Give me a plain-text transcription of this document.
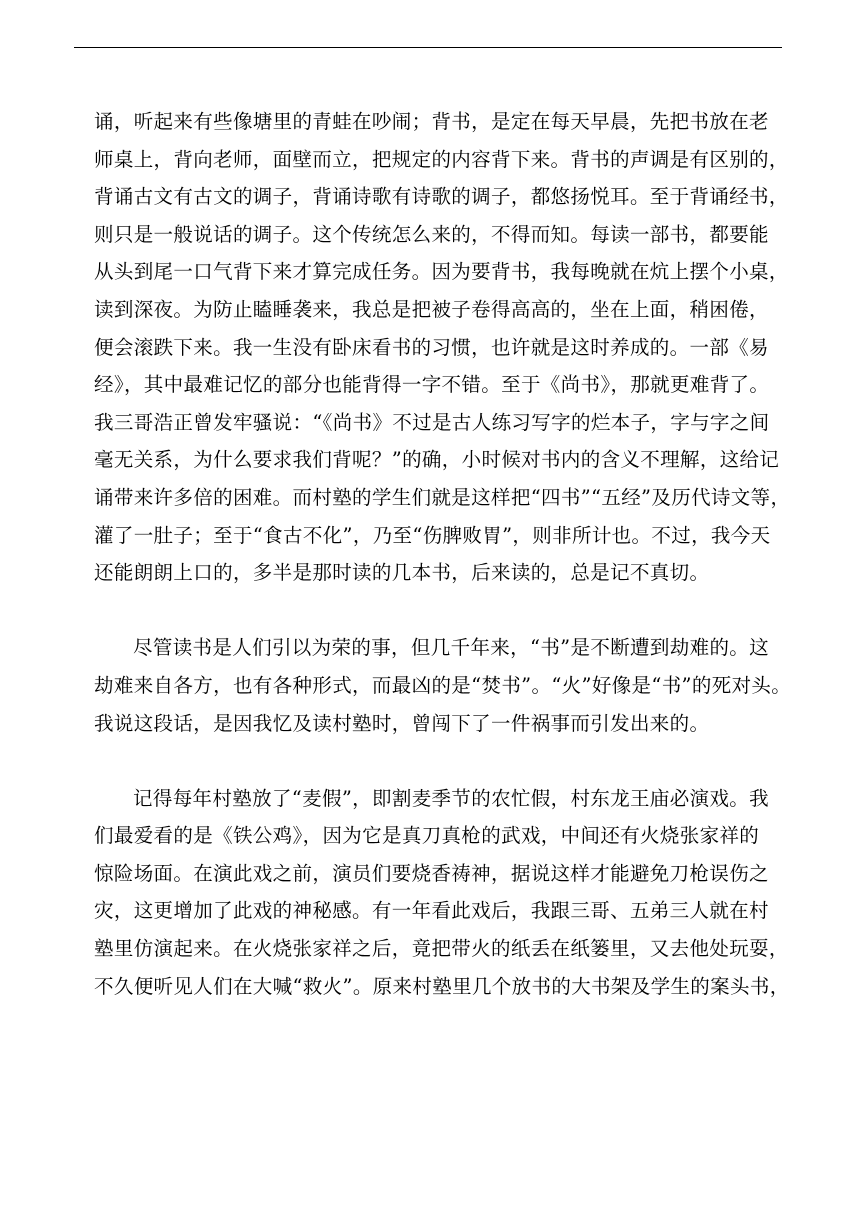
诵，听起来有些像塘里的青蛙在吵闹；背书，是定在每天早晨，先把书放在老
师桌上，背向老师，面壁而立，把规定的内容背下来。背书的声调是有区别的，
背诵古文有古文的调子，背诵诗歌有诗歌的调子，都悠扬悦耳。至于背诵经书，
则只是一般说话的调子。这个传统怎么来的，不得而知。每读一部书，都要能
从头到尾一口气背下来才算完成任务。因为要背书，我每晚就在炕上摆个小桌，
读到深夜。为防止瞌睡袭来，我总是把被子卷得高高的，坐在上面，稍困倦，
便会滚跌下来。我一生没有卧床看书的习惯，也许就是这时养成的。一部《易
经》，其中最难记忆的部分也能背得一字不错。至于《尚书》，那就更难背了。
我三哥浩正曾发牢骚说：“《尚书》不过是古人练习写字的烂本子，字与字之间
毫无关系，为什么要求我们背呢？”的确，小时候对书内的含义不理解，这给记
诵带来许多倍的困难。而村塾的学生们就是这样把“四书”“五经”及历代诗文等，
灌了一肚子；至于“食古不化”，乃至“伤脾败胃”，则非所计也。不过，我今天
还能朗朗上口的，多半是那时读的几本书，后来读的，总是记不真切。
尽管读书是人们引以为荣的事，但几千年来，“书”是不断遭到劫难的。这
劫难来自各方，也有各种形式，而最凶的是“焚书”。“火”好像是“书”的死对头。
我说这段话，是因我忆及读村塾时，曾闯下了一件祸事而引发出来的。
记得每年村塾放了“麦假”，即割麦季节的农忙假，村东龙王庙必演戏。我
们最爱看的是《铁公鸡》，因为它是真刀真枪的武戏，中间还有火烧张家祥的
惊险场面。在演此戏之前，演员们要烧香祷神，据说这样才能避免刀枪误伤之
灾，这更增加了此戏的神秘感。有一年看此戏后，我跟三哥、五弟三人就在村
塾里仿演起来。在火烧张家祥之后，竟把带火的纸丢在纸篓里，又去他处玩耍，
不久便听见人们在大喊“救火”。原来村塾里几个放书的大书架及学生的案头书，
